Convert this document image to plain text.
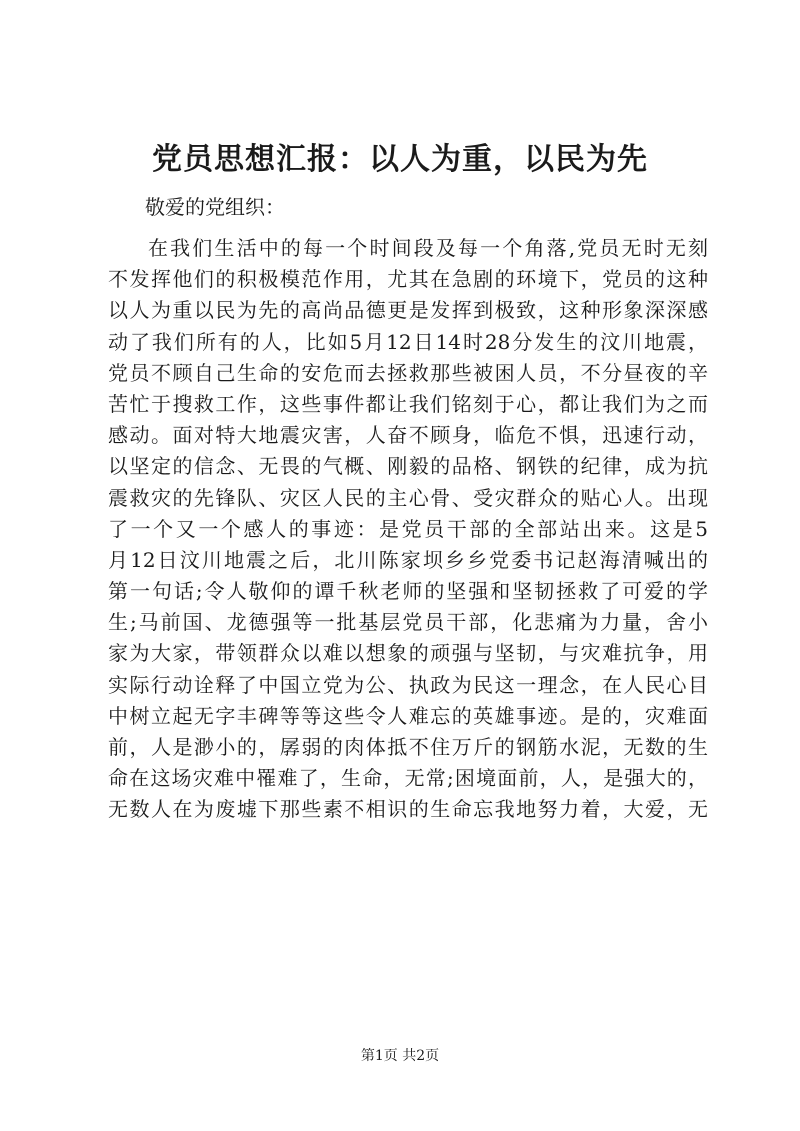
党员思想汇报：以人为重，以民为先
敬爱的党组织：
在我们生活中的每一个时间段及每一个角落,党员无时无刻
不发挥他们的积极模范作用，尤其在急剧的环境下，党员的这种
以人为重以民为先的高尚品德更是发挥到极致，这种形象深深感
动了我们所有的人，比如5月12日14时28分发生的汶川地震，
党员不顾自己生命的安危而去拯救那些被困人员，不分昼夜的辛
苦忙于搜救工作，这些事件都让我们铭刻于心，都让我们为之而
感动。面对特大地震灾害，人奋不顾身，临危不惧，迅速行动，
以坚定的信念、无畏的气概、刚毅的品格、钢铁的纪律，成为抗
震救灾的先锋队、灾区人民的主心骨、受灾群众的贴心人。出现
了一个又一个感人的事迹：是党员干部的全部站出来。这是5
月12日汶川地震之后，北川陈家坝乡乡党委书记赵海清喊出的
第一句话;令人敬仰的谭千秋老师的坚强和坚韧拯救了可爱的学
生;马前国、龙德强等一批基层党员干部，化悲痛为力量，舍小
家为大家，带领群众以难以想象的顽强与坚韧，与灾难抗争，用
实际行动诠释了中国立党为公、执政为民这一理念，在人民心目
中树立起无字丰碑等等这些令人难忘的英雄事迹。是的，灾难面
前，人是渺小的，孱弱的肉体抵不住万斤的钢筋水泥，无数的生
命在这场灾难中罹难了，生命，无常;困境面前，人，是强大的，
无数人在为废墟下那些素不相识的生命忘我地努力着，大爱，无
第1页 共2页
